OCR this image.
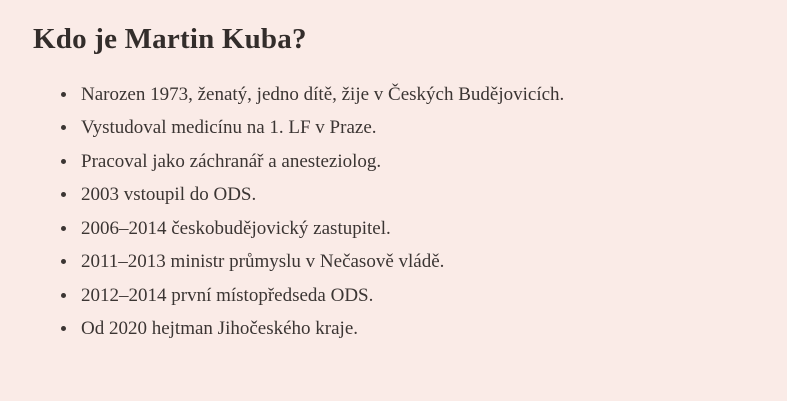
Kdo je Martin Kuba?
• Narozen 1973, ženatý, jedno dítě, žije v Českých Budějovicích.
• Vystudoval medicínu na 1. LF v Praze.
• Pracoval jako záchranář a anesteziolog.
• 2003 vstoupil do ODS.
• 2006–2014 českobudějovický zastupitel.
• 2011–2013 ministr průmyslu v Nečasově vládě.
• 2012–2014 první místopředseda ODS.
• Od 2020 hejtman Jihočeského kraje.
